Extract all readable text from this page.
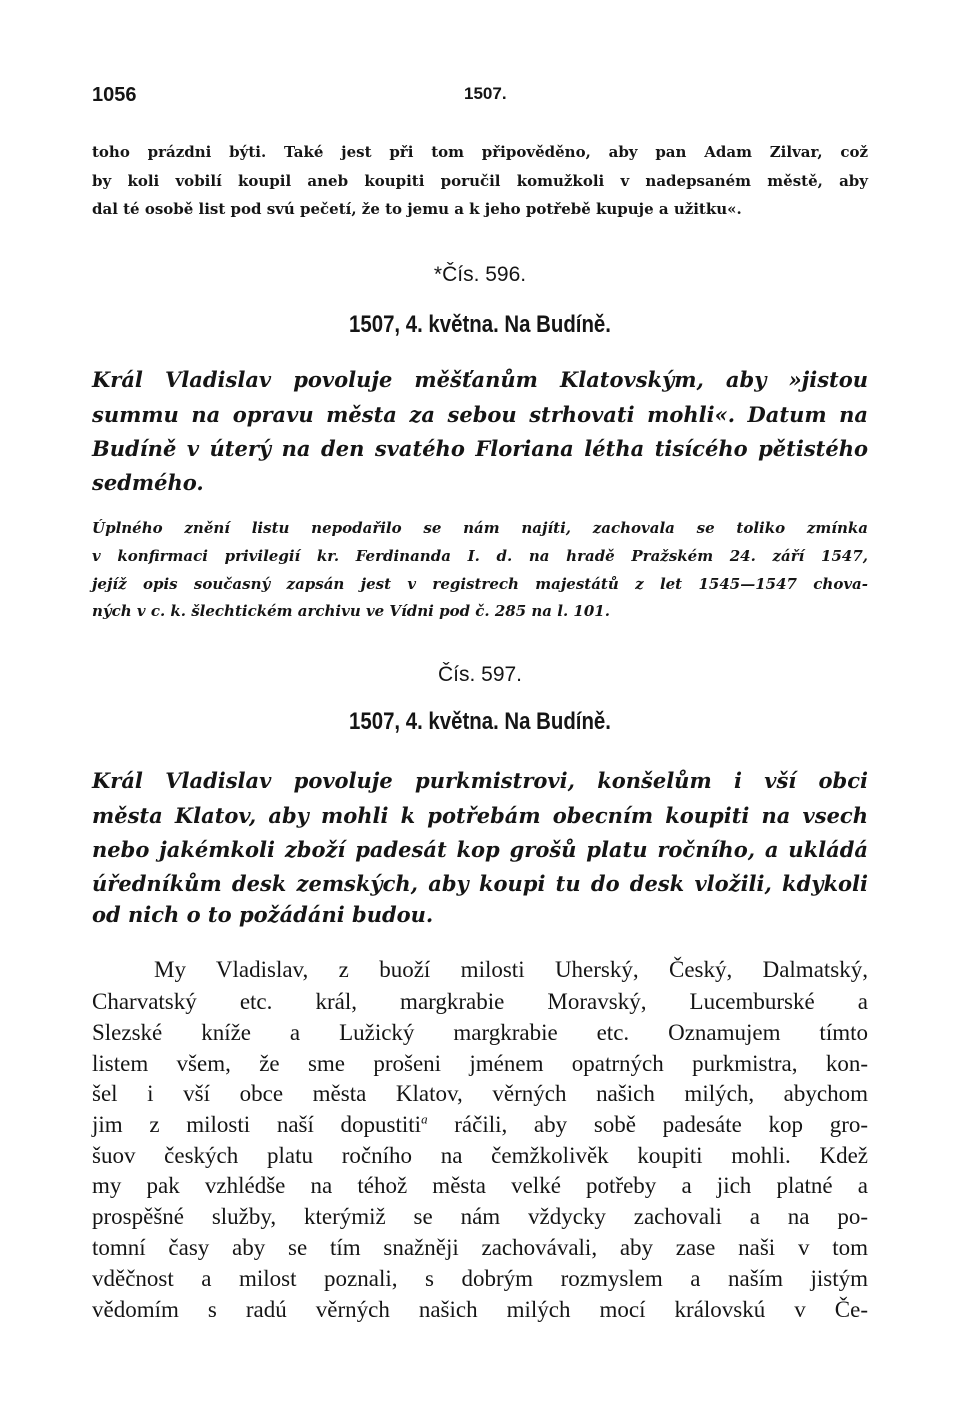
1056	1507.
toho prázdni býti. Také jest při tom připověděno, aby pan Adam Zilvar, což
by koli vobilí koupil aneb koupiti poručil komužkoli v nadepsaném městě, aby
dal té osobě list pod svú pečetí, že to jemu a k jeho potřebě kupuje a užitku«.
*Čís. 596.
1507, 4. května. Na Budíně.
Král Vladislav povoluje měšťanům Klatovským, aby »jistou
summu na opravu města za sebou strhovati mohli«. Datum na
Budíně v úterý na den svatého Floriana létha tisícého pětistého
sedmého.
Úplného znění listu nepodařilo se nám najíti, zachovala se toliko zmínka
v konfirmaci privilegií kr. Ferdinanda I. d. na hradě Pražském 24. září 1547,
jejíž opis současný zapsán jest v registrech majestátů z let 1545—1547 chova-
ných v c. k. šlechtickém archivu ve Vídni pod č. 285 na l. 101.
Čís. 597.
1507, 4. května. Na Budíně.
Král Vladislav povoluje purkmistrovi, konšelům i vší obci
města Klatov, aby mohli k potřebám obecním koupiti na vsech
nebo jakémkoli zboží padesát kop grošů platu ročního, a ukládá
úředníkům desk zemských, aby koupi tu do desk vložili, kdykoli
od nich o to požádáni budou.
My Vladislav, z buoží milosti Uherský, Český, Dalmatský,
Charvatský etc. král, margkrabie Moravský, Lucemburské a
Slezské kníže a Lužický margkrabie etc. Oznamujem tímto
listem všem, že sme prošeni jménem opatrných purkmistra, kon-
šel i vší obce města Klatov, věrných našich milých, abychom
jim z milosti naší dopustiti$^a$ ráčili, aby sobě padesáte kop gro-
šuov českých platu ročního na čemžkolivěk koupiti mohli. Kdež
my pak vzhlédše na téhož města velké potřeby a jich platné a
prospěšné služby, kterýmiž se nám vždycky zachovali a na po-
tomní časy aby se tím snažněji zachovávali, aby zase naši v tom
vděčnost a milost poznali, s dobrým rozmyslem a naším jistým
vědomím s radú věrných našich milých mocí královskú v Če-
